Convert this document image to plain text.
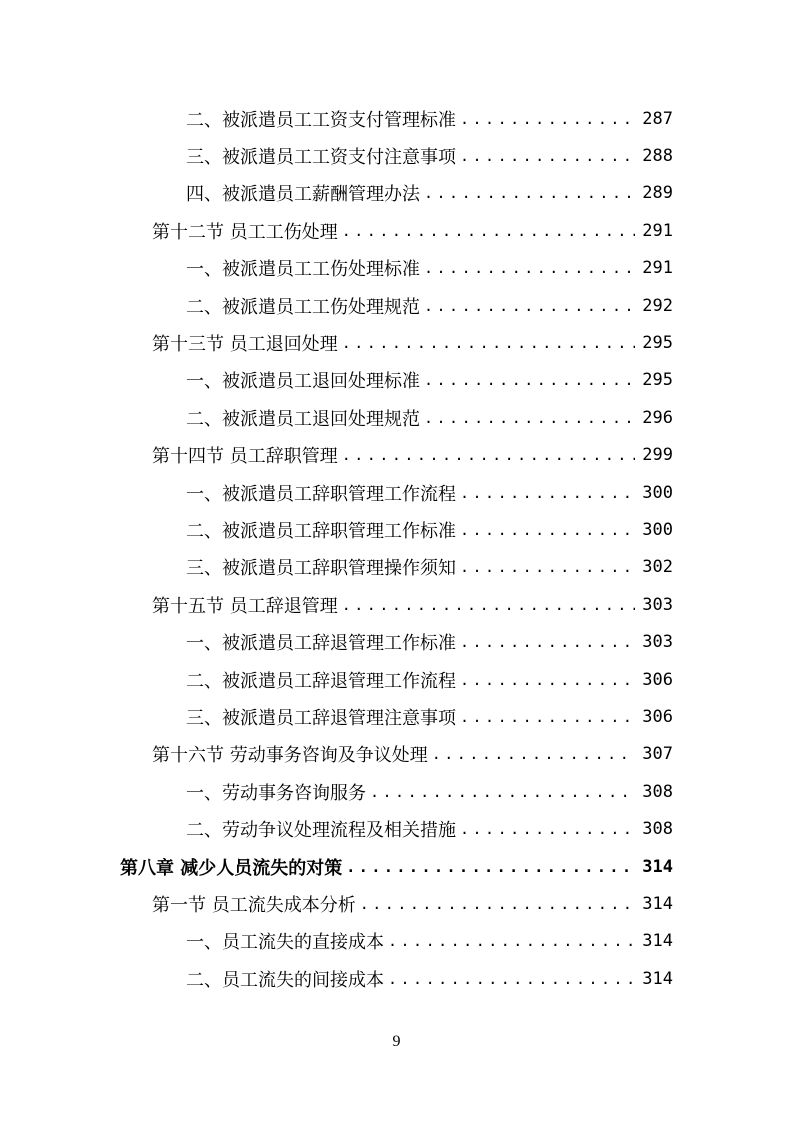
二、被派遣员工工资支付管理标准 .....	287
三、被派遣员工工资支付注意事项 .....	288
四、被派遣员工薪酬管理办法 .....	289
第十二节 员工工伤处理 .....	291
一、被派遣员工工伤处理标准 .....	291
二、被派遣员工工伤处理规范 .....	292
第十三节 员工退回处理 .....	295
一、被派遣员工退回处理标准 .....	295
二、被派遣员工退回处理规范 .....	296
第十四节 员工辞职管理 .....	299
一、被派遣员工辞职管理工作流程 .....	300
二、被派遣员工辞职管理工作标准 .....	300
三、被派遣员工辞职管理操作须知 .....	302
第十五节 员工辞退管理 .....	303
一、被派遣员工辞退管理工作标准 .....	303
二、被派遣员工辞退管理工作流程 .....	306
三、被派遣员工辞退管理注意事项 .....	306
第十六节 劳动事务咨询及争议处理 .....	307
一、劳动事务咨询服务 .....	308
二、劳动争议处理流程及相关措施 .....	308
第八章 减少人员流失的对策 .....	314
第一节 员工流失成本分析 .....	314
一、员工流失的直接成本 .....	314
二、员工流失的间接成本 .....	314
9
